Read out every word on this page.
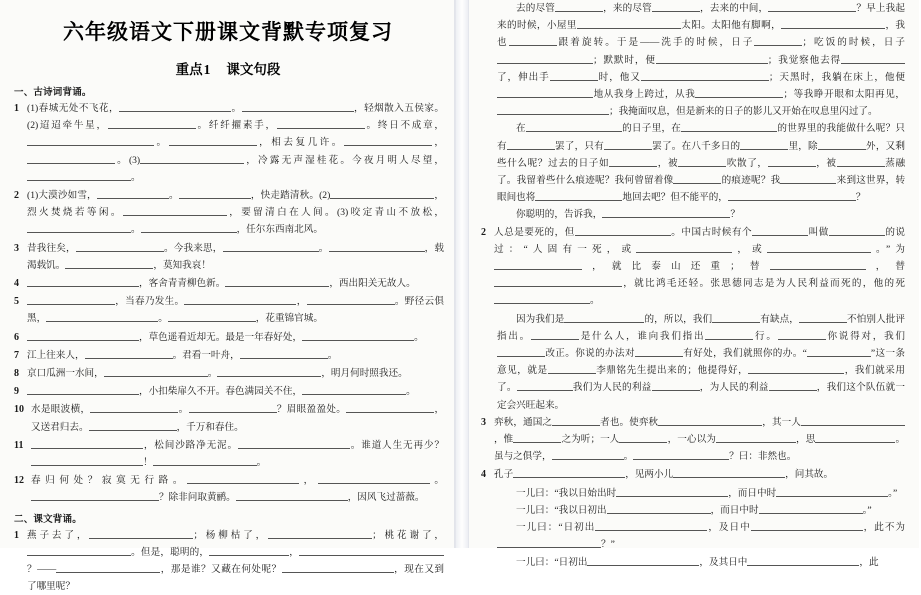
六年级语文下册课文背默专项复习
重点1 课文句段
一、古诗词背诵。
1 (1)春城无处不飞花，	。	，轻烟散入五侯家。(2)迢迢牵牛星，	。纤纤擢素手，	。终日不成章，。	，相去复几许。	，。(3)	，冷露无声湿桂花。今夜月明人尽望，。
2 (1)大漠沙如雪，	。	，快走踏清秋。(2)	，烈火焚烧若等闲。	，要留清白在人间。(3)咬定青山不放松，。	，任尔东西南北风。
3 昔我往矣，	。今我来思，	。	，载渴载饥。	，莫知我哀！
4	，客舍青青柳色新。	，西出阳关无故人。
5	，当春乃发生。	，	。野径云俱黑，	。	，花重锦官城。
6	，草色遥看近却无。最是一年春好处，	。
7 江上往来人，	。君看一叶舟，	。
8 京口瓜洲一水间，	。	，明月何时照我还。
9	，小扣柴扉久不开。春色满园关不住，	。
10 水是眼波横，	。	？眉眼盈盈处。	，又送君归去。	，千万和春住。
11	，松间沙路净无泥。	。谁道人生无再少？！	。
12 春归何处？寂寞无行路。	，	。？除非问取黄鹂。	，因风飞过蔷薇。
二、课文背诵。
1 燕子去了，	；杨柳枯了，	；桃花谢了，。但是，聪明的，	，？——	，那是谁？又藏在何处呢？	，现在又到了哪里呢？
去的尽管	，来的尽管	，去来的中间，	？早上我起来的时候，小屋里	太阳。太阳他有脚啊，	，我也	跟着旋转。于是——洗手的时候，日子	；吃饭的时候，日子；默默时，便	；我觉察他去得了，伸出手	时，他又	；天黑时，我躺在床上，他便地从我身上跨过，从我	；等我睁开眼和太阳再见，；我掩面叹息，但是新来的日子的影儿又开始在叹息里闪过了。
在	的日子里，在	的世界里的我能做什么呢？只有	罢了，只有	罢了。在八千多日的	里，除	外，又剩些什么呢？过去的日子如	，被	吹散了，	，被	蒸融了。我留着些什么痕迹呢？我何曾留着像	的痕迹呢？我	来到这世界，转眼间也将	地回去吧？但不能平的，	？
你聪明的，告诉我，	？
2 人总是要死的，但	。中国古时候有个	叫做	的说过：“人固有一死，或	，或	。”为，就比泰山还重；替	，替，就比鸿毛还轻。张思德同志是为人民利益而死的，他的死。
因为我们是	的，所以，我们	有缺点，	不怕别人批评指出。	是什么人，谁向我们指出	行。	你说得对，我们改正。你说的办法对	有好处，我们就照你的办。“	”这一条意见，就是	李鼎铭先生提出来的；他提得好，	，我们就采用了。	我们为人民的利益	，为人民的利益	，我们这个队伍就一定会兴旺起来。
3 弈秋，通国之	者也。使弈秋	，其一人，惟	之为听；一人	，一心以为	，思	。虽与之俱学，	。	？曰：非然也。
4 孔子	，见两小儿	，问其故。
一儿曰：“我以日始出时	，而日中时	。”
一儿曰：“我以日初出	，而日中时	。”
一儿曰：“日初出	，及日中	，此不为？”
一儿曰：“日初出	，及其日中	，此
